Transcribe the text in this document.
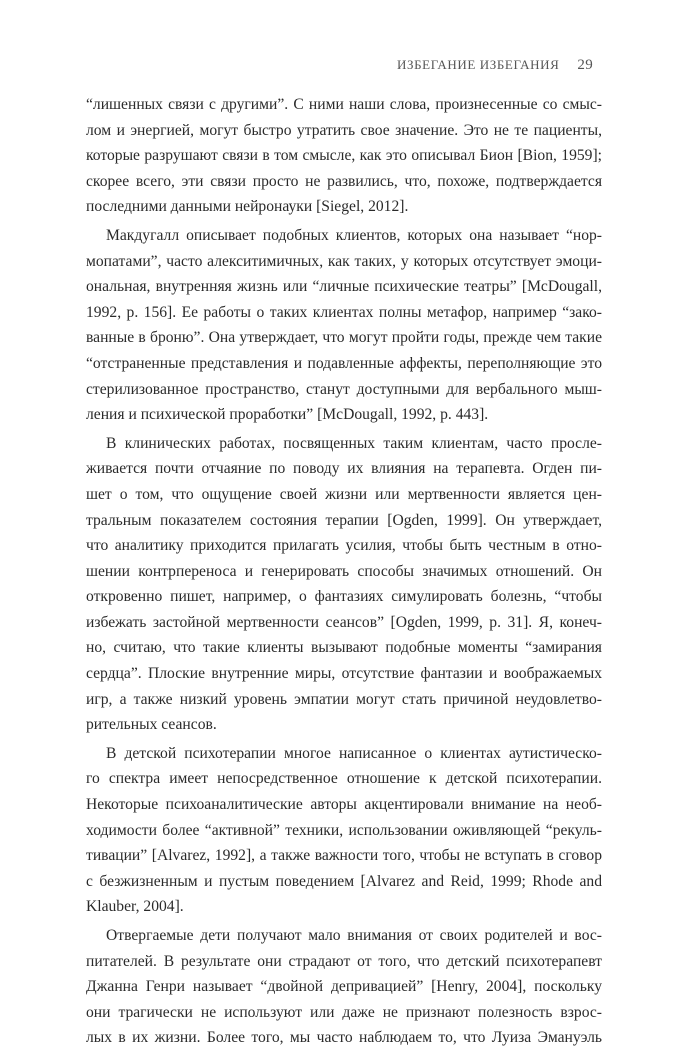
ИЗБЕГАНИЕ ИЗБЕГАНИЯ 29
“лишенных связи с другими”. С ними наши слова, произнесенные со смыс-
лом и энергией, могут быстро утратить свое значение. Это не те пациенты,
которые разрушают связи в том смысле, как это описывал Бион [Bion, 1959];
скорее всего, эти связи просто не развились, что, похоже, подтверждается
последними данными нейронауки [Siegel, 2012].
Макдугалл описывает подобных клиентов, которых она называет “нор-
мопатами”, часто алекситимичных, как таких, у которых отсутствует эмоци-
ональная, внутренняя жизнь или “личные психические театры” [McDougall,
1992, p. 156]. Ее работы о таких клиентах полны метафор, например “зако-
ванные в броню”. Она утверждает, что могут пройти годы, прежде чем такие
“отстраненные представления и подавленные аффекты, переполняющие это
стерилизованное пространство, станут доступными для вербального мыш-
ления и психической проработки” [McDougall, 1992, p. 443].
В клинических работах, посвященных таким клиентам, часто просле-
живается почти отчаяние по поводу их влияния на терапевта. Огден пи-
шет о том, что ощущение своей жизни или мертвенности является цен-
тральным показателем состояния терапии [Ogden, 1999]. Он утверждает,
что аналитику приходится прилагать усилия, чтобы быть честным в отно-
шении контрпереноса и генерировать способы значимых отношений. Он
откровенно пишет, например, о фантазиях симулировать болезнь, “чтобы
избежать застойной мертвенности сеансов” [Ogden, 1999, p. 31]. Я, конеч-
но, считаю, что такие клиенты вызывают подобные моменты “замирания
сердца”. Плоские внутренние миры, отсутствие фантазии и воображаемых
игр, а также низкий уровень эмпатии могут стать причиной неудовлетво-
рительных сеансов.
В детской психотерапии многое написанное о клиентах аутистическо-
го спектра имеет непосредственное отношение к детской психотерапии.
Некоторые психоаналитические авторы акцентировали внимание на необ-
ходимости более “активной” техники, использовании оживляющей “рекуль-
тивации” [Alvarez, 1992], а также важности того, чтобы не вступать в сговор
с безжизненным и пустым поведением [Alvarez and Reid, 1999; Rhode and
Klauber, 2004].
Отвергаемые дети получают мало внимания от своих родителей и вос-
питателей. В результате они страдают от того, что детский психотерапевт
Джанна Генри называет “двойной депривацией” [Henry, 2004], поскольку
они трагически не используют или даже не признают полезность взрос-
лых в их жизни. Более того, мы часто наблюдаем то, что Луиза Эмануэль
